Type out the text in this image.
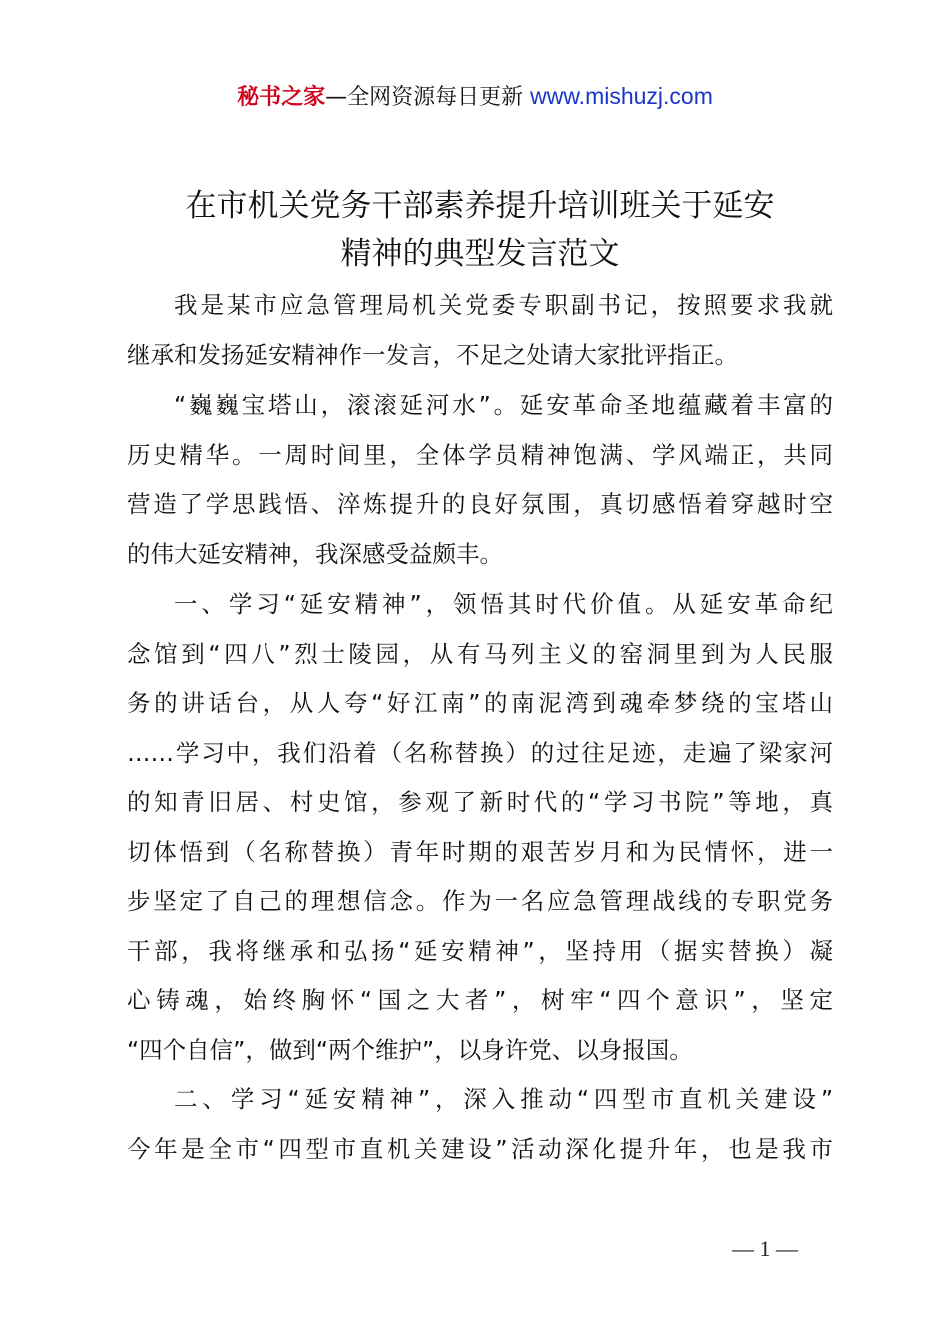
秘书之家—全网资源每日更新 www.mishuzj.com
在市机关党务干部素养提升培训班关于延安
精神的典型发言范文
我是某市应急管理局机关党委专职副书记，按照要求我就
继承和发扬延安精神作一发言，不足之处请大家批评指正。
“巍巍宝塔山，滚滚延河水”。延安革命圣地蕴藏着丰富的
历史精华。一周时间里，全体学员精神饱满、学风端正，共同
营造了学思践悟、淬炼提升的良好氛围，真切感悟着穿越时空
的伟大延安精神，我深感受益颇丰。
一、学习“延安精神”，领悟其时代价值。从延安革命纪
念馆到“四八”烈士陵园，从有马列主义的窑洞里到为人民服
务的讲话台，从人夸“好江南”的南泥湾到魂牵梦绕的宝塔山
……学习中，我们沿着（名称替换）的过往足迹，走遍了梁家河
的知青旧居、村史馆，参观了新时代的“学习书院”等地，真
切体悟到（名称替换）青年时期的艰苦岁月和为民情怀，进一
步坚定了自己的理想信念。作为一名应急管理战线的专职党务
干部，我将继承和弘扬“延安精神”，坚持用（据实替换）凝
心铸魂，始终胸怀“国之大者”，树牢“四个意识”，坚定
“四个自信”，做到“两个维护”，以身许党、以身报国。
二、学习“延安精神”，深入推动“四型市直机关建设”
今年是全市“四型市直机关建设”活动深化提升年，也是我市
— 1 —
